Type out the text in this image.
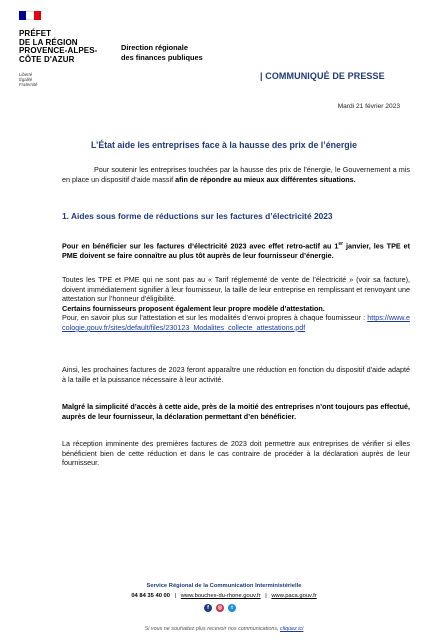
PRÉFET
DE LA RÉGION
PROVENCE-ALPES-
CÔTE D'AZUR
Liberté
Égalité
Fraternité
Direction régionale
des finances publiques
| COMMUNIQUÉ DE PRESSE
Mardi 21 février 2023
L’État aide les entreprises face à la hausse des prix de l’énergie
Pour soutenir les entreprises touchées par la hausse des prix de l’énergie, le Gouvernement a mis en place un dispositif d’aide massif afin de répondre au mieux aux différentes situations.
1. Aides sous forme de réductions sur les factures d’électricité 2023
Pour en bénéficier sur les factures d’électricité 2023 avec effet retro-actif au 1er janvier, les TPE et PME doivent se faire connaître au plus tôt auprès de leur fournisseur d’énergie.
Toutes les TPE et PME qui ne sont pas au « Tarif réglementé de vente de l’électricité » (voir sa facture), doivent immédiatement signifier à leur fournisseur, la taille de leur entreprise en remplissant et renvoyant une attestation sur l’honneur d’éligibilité.
Certains fournisseurs proposent également leur propre modèle d’attestation.
Pour, en savoir plus sur l’attestation et sur les modalités d’envoi propres à chaque fournisseur : https://www.ecologie.gouv.fr/sites/default/files/230123_Modalites_collecte_attestations.pdf
Ainsi, les prochaines factures de 2023 feront apparaître une réduction en fonction du dispositif d’aide adapté à la taille et la puissance nécessaire à leur activité.
Malgré la simplicité d’accès à cette aide, près de la moitié des entreprises n’ont toujours pas effectué, auprès de leur fournisseur, la déclaration permettant d’en bénéficier.
La réception imminente des premières factures de 2023 doit permettre aux entreprises de vérifier si elles bénéficient bien de cette réduction et dans le cas contraire de procéder à la déclaration auprès de leur fournisseur.
Service Régional de la Communication Interministérielle
04 84 35 40 00 | www.bouches-du-rhone.gouv.fr | www.paca.gouv.fr
f	◎	t
Si vous ne souhaitez plus recevoir nos communications, cliquez ici
